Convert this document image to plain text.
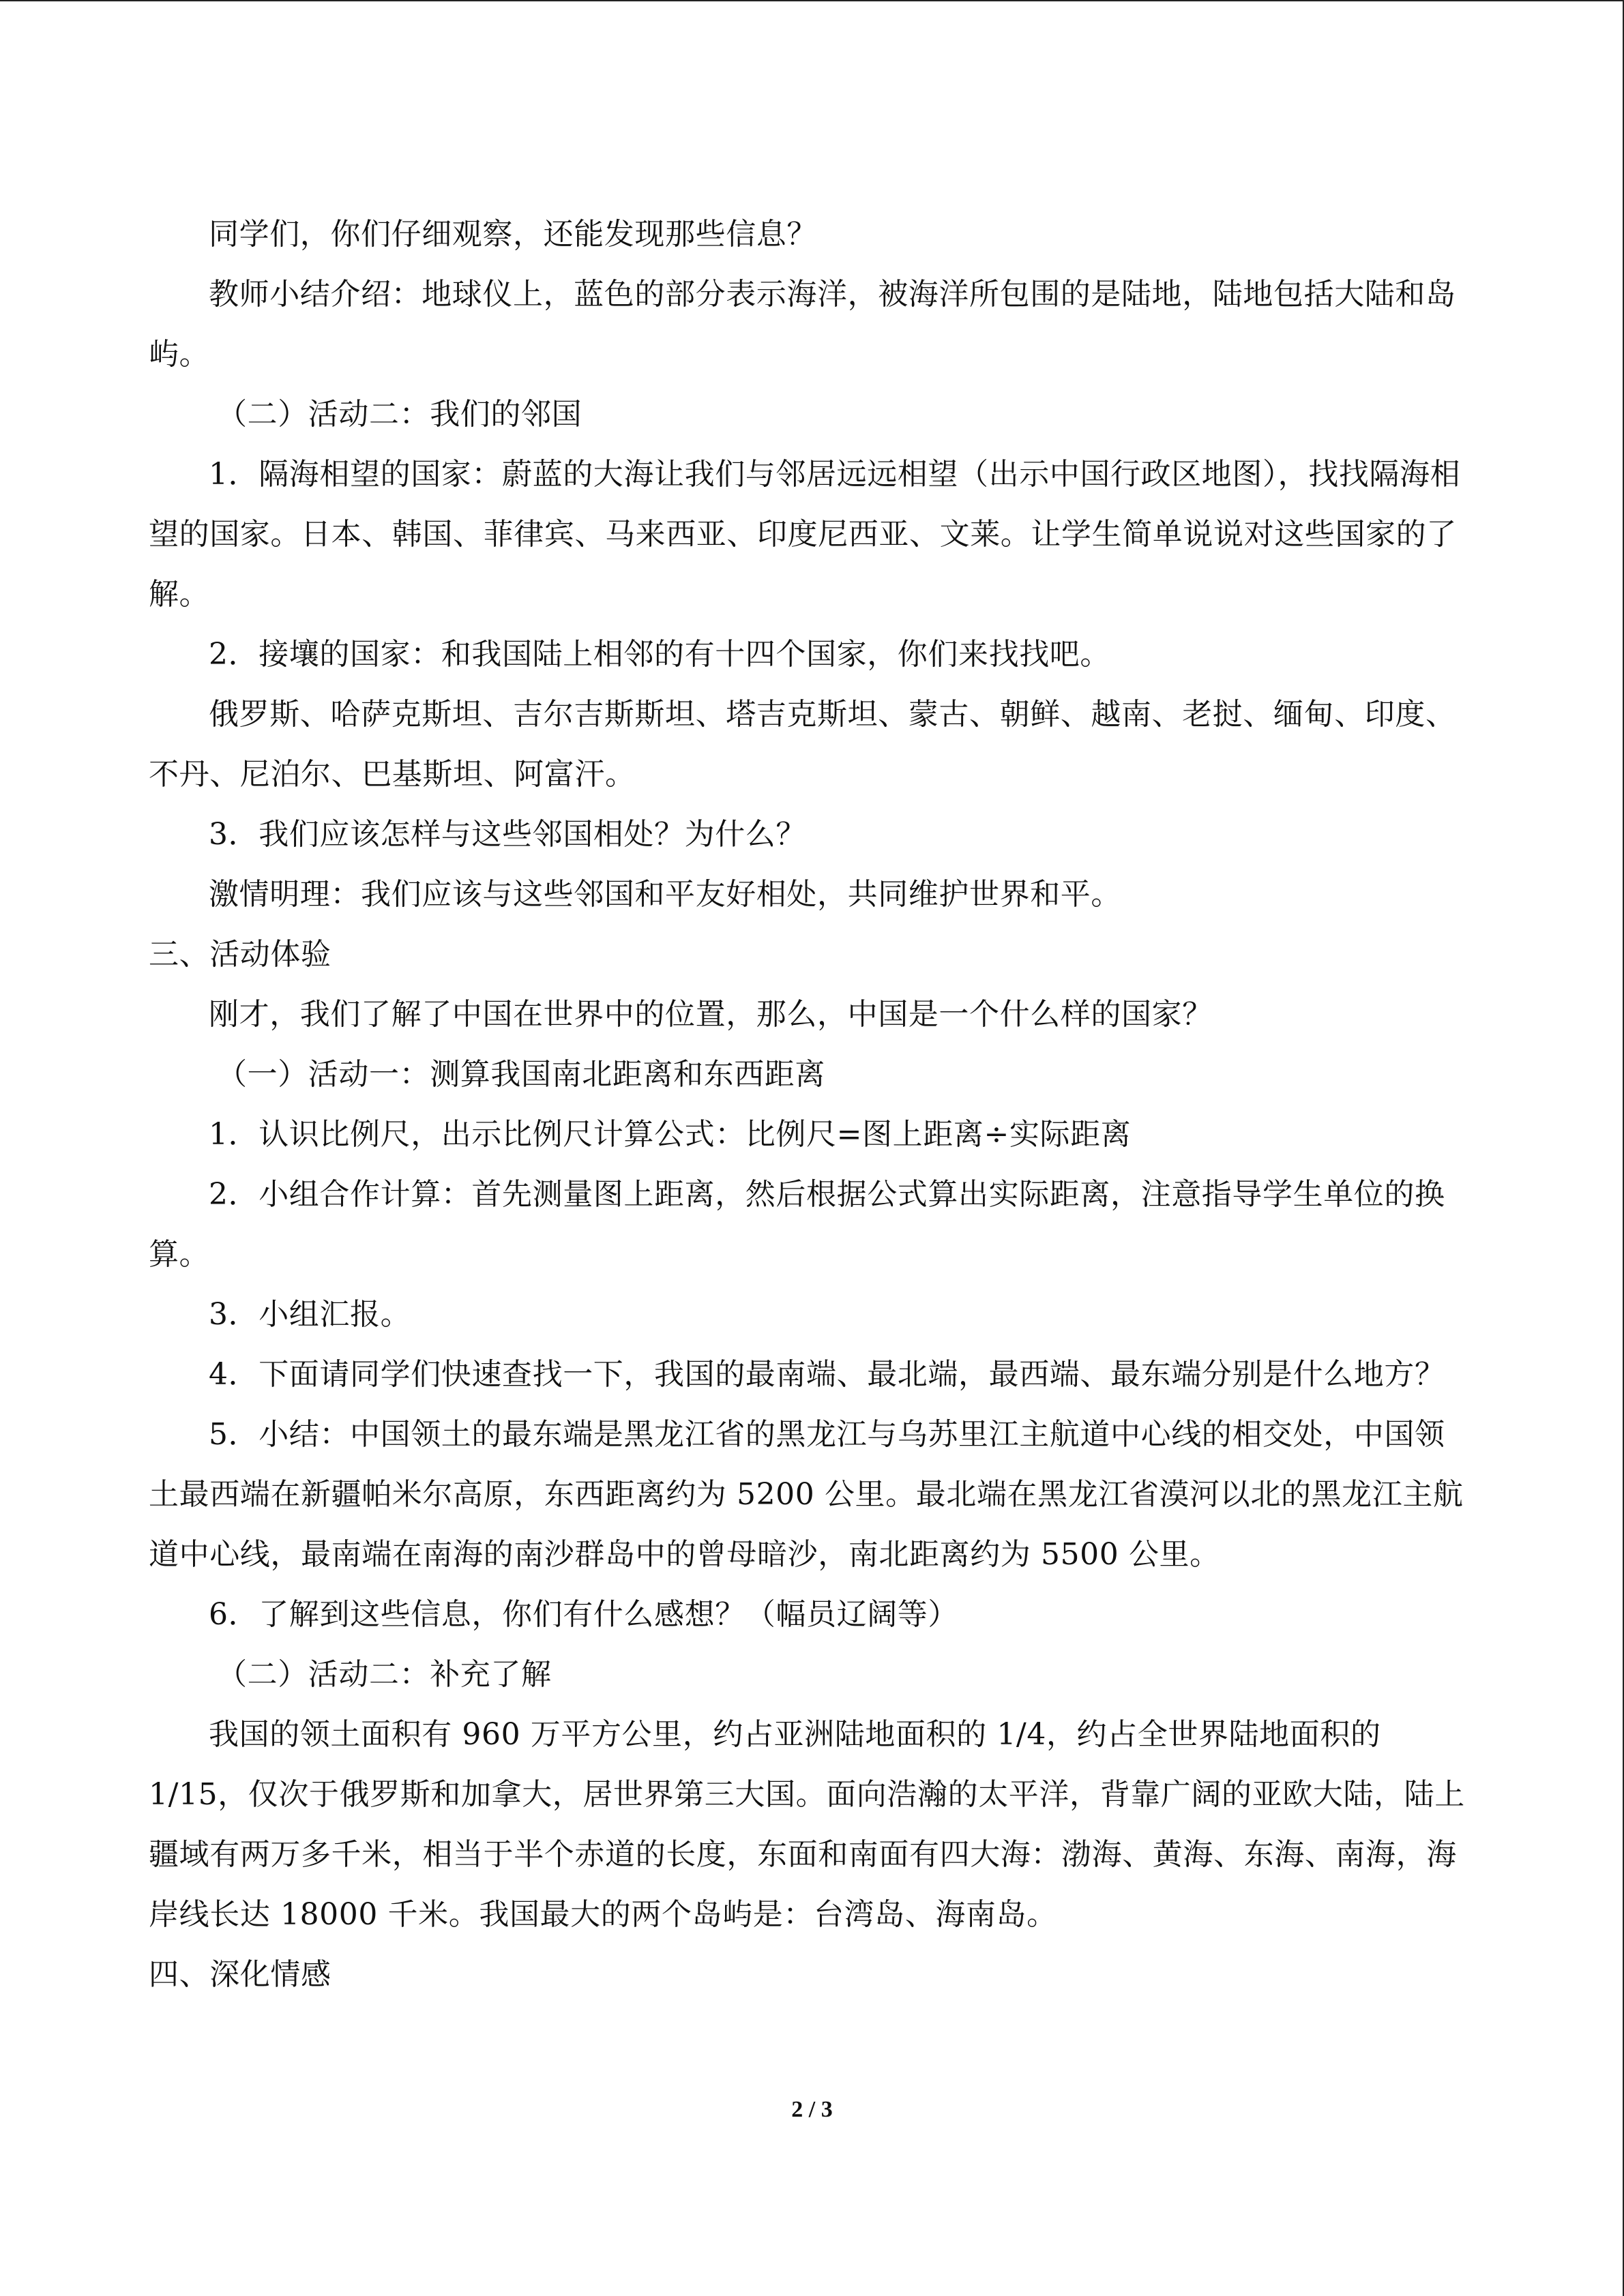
同学们，你们仔细观察，还能发现那些信息？

教师小结介绍：地球仪上，蓝色的部分表示海洋，被海洋所包围的是陆地，陆地包括大陆和岛屿。

（二）活动二：我们的邻国

1．隔海相望的国家：蔚蓝的大海让我们与邻居远远相望（出示中国行政区地图），找找隔海相望的国家。日本、韩国、菲律宾、马来西亚、印度尼西亚、文莱。让学生简单说说对这些国家的了解。

2．接壤的国家：和我国陆上相邻的有十四个国家，你们来找找吧。

俄罗斯、哈萨克斯坦、吉尔吉斯斯坦、塔吉克斯坦、蒙古、朝鲜、越南、老挝、缅甸、印度、不丹、尼泊尔、巴基斯坦、阿富汗。

3．我们应该怎样与这些邻国相处？为什么？

激情明理：我们应该与这些邻国和平友好相处，共同维护世界和平。

三、活动体验

刚才，我们了解了中国在世界中的位置，那么，中国是一个什么样的国家？

（一）活动一：测算我国南北距离和东西距离

1．认识比例尺，出示比例尺计算公式：比例尺=图上距离÷实际距离

2．小组合作计算：首先测量图上距离，然后根据公式算出实际距离，注意指导学生单位的换算。

3．小组汇报。

4．下面请同学们快速查找一下，我国的最南端、最北端，最西端、最东端分别是什么地方？

5．小结：中国领土的最东端是黑龙江省的黑龙江与乌苏里江主航道中心线的相交处，中国领土最西端在新疆帕米尔高原，东西距离约为 5200 公里。最北端在黑龙江省漠河以北的黑龙江主航道中心线，最南端在南海的南沙群岛中的曾母暗沙，南北距离约为 5500 公里。

6．了解到这些信息，你们有什么感想？（幅员辽阔等）

（二）活动二：补充了解

我国的领土面积有 960 万平方公里，约占亚洲陆地面积的 1/4，约占全世界陆地面积的 1/15，仅次于俄罗斯和加拿大，居世界第三大国。面向浩瀚的太平洋，背靠广阔的亚欧大陆，陆上疆域有两万多千米，相当于半个赤道的长度，东面和南面有四大海：渤海、黄海、东海、南海，海岸线长达 18000 千米。我国最大的两个岛屿是：台湾岛、海南岛。

四、深化情感

2 / 3
